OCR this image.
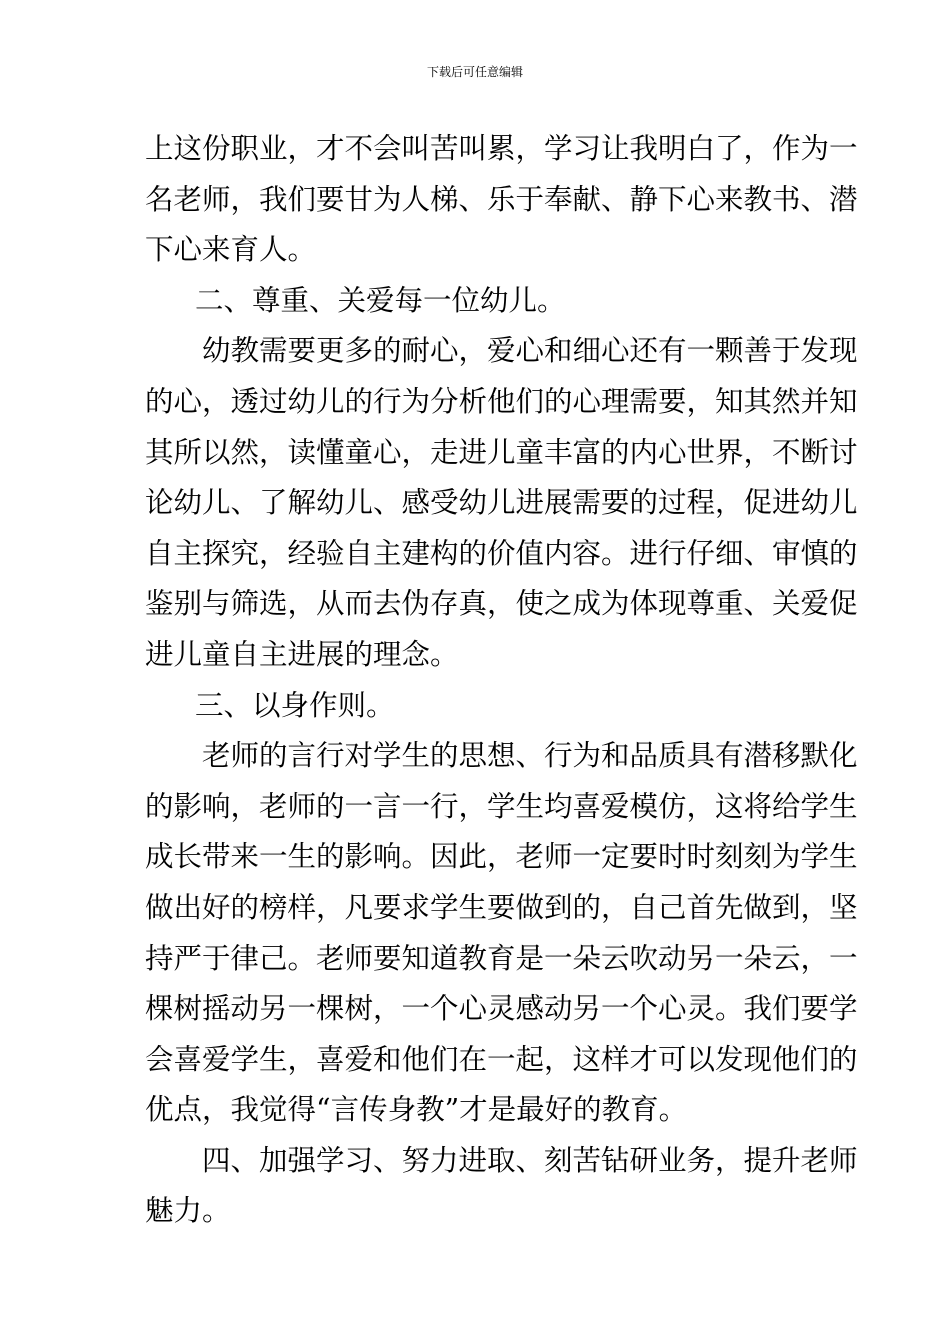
下载后可任意编辑
上这份职业，才不会叫苦叫累，学习让我明白了，作为一
名老师，我们要甘为人梯、乐于奉献、静下心来教书、潜
下心来育人。
二、尊重、关爱每一位幼儿。
幼教需要更多的耐心，爱心和细心还有一颗善于发现
的心，透过幼儿的行为分析他们的心理需要，知其然并知
其所以然，读懂童心，走进儿童丰富的内心世界，不断讨
论幼儿、了解幼儿、感受幼儿进展需要的过程，促进幼儿
自主探究，经验自主建构的价值内容。进行仔细、审慎的
鉴别与筛选，从而去伪存真，使之成为体现尊重、关爱促
进儿童自主进展的理念。
三、以身作则。
老师的言行对学生的思想、行为和品质具有潜移默化
的影响，老师的一言一行，学生均喜爱模仿，这将给学生
成长带来一生的影响。因此，老师一定要时时刻刻为学生
做出好的榜样，凡要求学生要做到的，自己首先做到，坚
持严于律己。老师要知道教育是一朵云吹动另一朵云，一
棵树摇动另一棵树，一个心灵感动另一个心灵。我们要学
会喜爱学生，喜爱和他们在一起，这样才可以发现他们的
优点，我觉得“言传身教”才是最好的教育。
四、加强学习、努力进取、刻苦钻研业务，提升老师
魅力。
